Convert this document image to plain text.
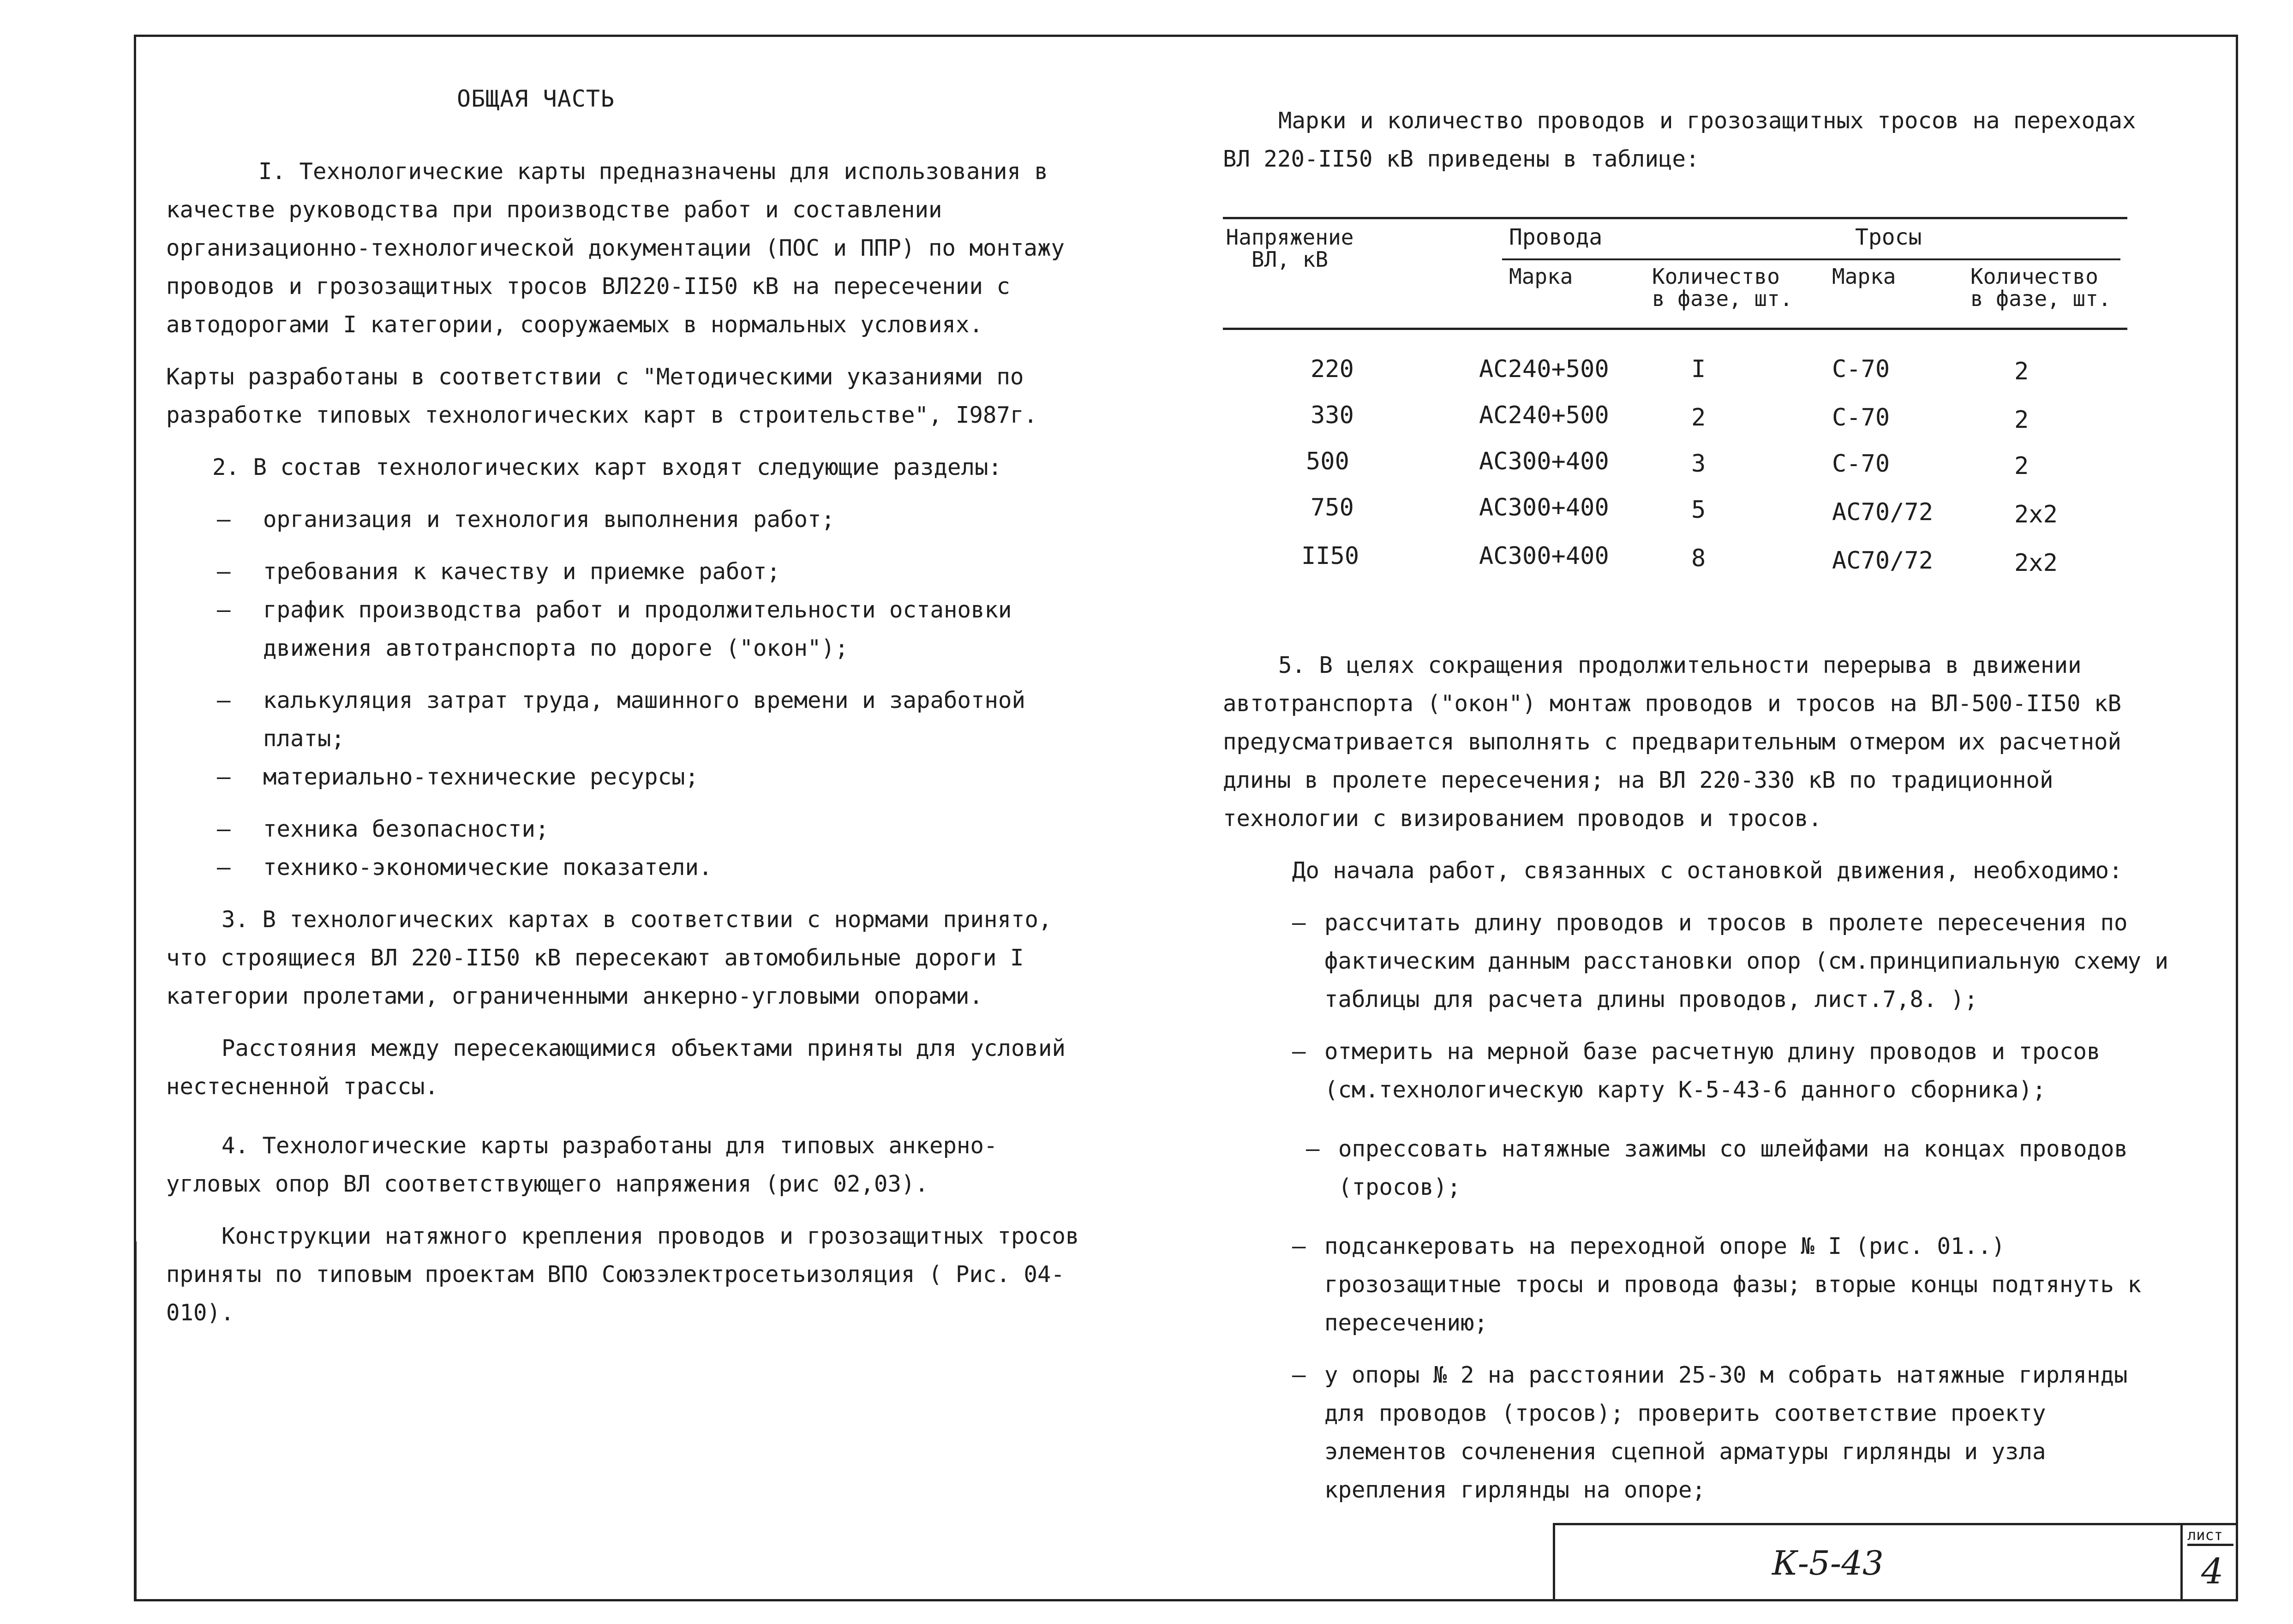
ОБЩАЯ ЧАСТЬ

I. Технологические карты предназначены для использования в качестве руководства при производстве работ и составлении организационно-технологической документации (ПОС и ППР) по монтажу проводов и грозозащитных тросов ВЛ220-II50 кВ на пересечении с автодорогами I категории, сооружаемых в нормальных условиях.

Карты разработаны в соответствии с "Методическими указаниями по разработке типовых технологических карт в строительстве", I987г.

2. В состав технологических карт входят следующие разделы:

– организация и технология выполнения работ;
– требования к качеству и приемке работ;
– график производства работ и продолжительности остановки движения автотранспорта по дороге ("окон");
– калькуляция затрат труда, машинного времени и заработной платы;
– материально-технические ресурсы;
– техника безопасности;
– технико-экономические показатели.

3. В технологических картах в соответствии с нормами принято, что строящиеся ВЛ 220-II50 кВ пересекают автомобильные дороги I категории пролетами, ограниченными анкерно-угловыми опорами.

Расстояния между пересекающимися объектами приняты для условий нестесненной трассы.

4. Технологические карты разработаны для типовых анкерно-угловых опор ВЛ соответствующего напряжения (рис 02,03).

Конструкции натяжного крепления проводов и грозозащитных тросов приняты по типовым проектам ВПО Союзэлектросетьизоляция ( Рис. 04-010).

Марки и количество проводов и грозозащитных тросов на переходах ВЛ 220-II50 кВ приведены в таблице:

Напряжение ВЛ, кВ
Провода	Тросы
Марка	Количество в фазе, шт.
Марка	Количество в фазе, шт.
220	АС240+500	I	С-70	2
330	АС240+500	2	С-70	2
500	АС300+400	3	С-70	2
750	АС300+400	5	АС70/72	2х2
II50	АС300+400	8	АС70/72	2х2

5. В целях сокращения продолжительности перерыва в движении автотранспорта ("окон") монтаж проводов и тросов на ВЛ-500-II50 кВ предусматривается выполнять с предварительным отмером их расчетной длины в пролете пересечения; на ВЛ 220-330 кВ по традиционной технологии с визированием проводов и тросов.

До начала работ, связанных с остановкой движения, необходимо:

– рассчитать длину проводов и тросов в пролете пересечения по фактическим данным расстановки опор (см.принципиальную схему и таблицы для расчета длины проводов, лист.7,8. );
– отмерить на мерной базе расчетную длину проводов и тросов (см.технологическую карту К-5-43-6 данного сборника);
– опрессовать натяжные зажимы со шлейфами на концах проводов (тросов);
– подсанкеровать на переходной опоре № I (рис. 01..) грозозащитные тросы и провода фазы; вторые концы подтянуть к пересечению;
– у опоры № 2 на расстоянии 25-30 м собрать натяжные гирлянды для проводов (тросов); проверить соответствие проекту элементов сочленения сцепной арматуры гирлянды и узла крепления гирлянды на опоре;
К-5-43
лист
4
